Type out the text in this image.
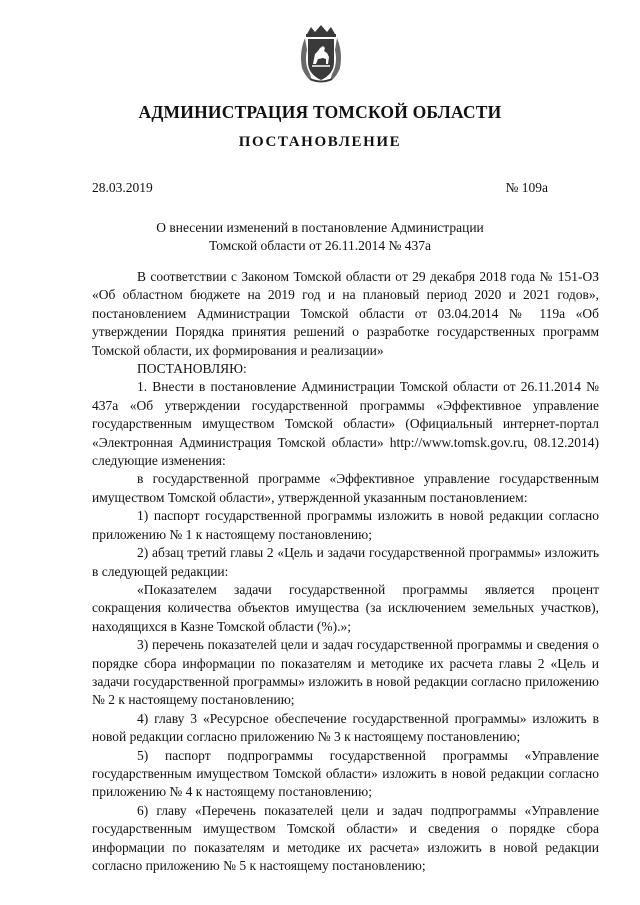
АДМИНИСТРАЦИЯ ТОМСКОЙ ОБЛАСТИ
ПОСТАНОВЛЕНИЕ
28.03.2019	№ 109а
О внесении изменений в постановление Администрации
Томской области от 26.11.2014 № 437а

В соответствии с Законом Томской области от 29 декабря 2018 года № 151-ОЗ «Об областном бюджете на 2019 год и на плановый период 2020 и 2021 годов», постановлением Администрации Томской области от 03.04.2014 № 119а «Об утверждении Порядка принятия решений о разработке государственных программ Томской области, их формирования и реализации»

ПОСТАНОВЛЯЮ:

1. Внести в постановление Администрации Томской области от 26.11.2014 № 437а «Об утверждении государственной программы «Эффективное управление государственным имуществом Томской области» (Официальный интернет-портал «Электронная Администрация Томской области» http://www.tomsk.gov.ru, 08.12.2014) следующие изменения:

в государственной программе «Эффективное управление государственным имуществом Томской области», утвержденной указанным постановлением:

1) паспорт государственной программы изложить в новой редакции согласно приложению № 1 к настоящему постановлению;

2) абзац третий главы 2 «Цель и задачи государственной программы» изложить в следующей редакции:

«Показателем задачи государственной программы является процент сокращения количества объектов имущества (за исключением земельных участков), находящихся в Казне Томской области (%).»;

3) перечень показателей цели и задач государственной программы и сведения о порядке сбора информации по показателям и методике их расчета главы 2 «Цель и задачи государственной программы» изложить в новой редакции согласно приложению № 2 к настоящему постановлению;

4) главу 3 «Ресурсное обеспечение государственной программы» изложить в новой редакции согласно приложению № 3 к настоящему постановлению;

5) паспорт подпрограммы государственной программы «Управление государственным имуществом Томской области» изложить в новой редакции согласно приложению № 4 к настоящему постановлению;

6) главу «Перечень показателей цели и задач подпрограммы «Управление государственным имуществом Томской области» и сведения о порядке сбора информации по показателям и методике их расчета» изложить в новой редакции согласно приложению № 5 к настоящему постановлению;
